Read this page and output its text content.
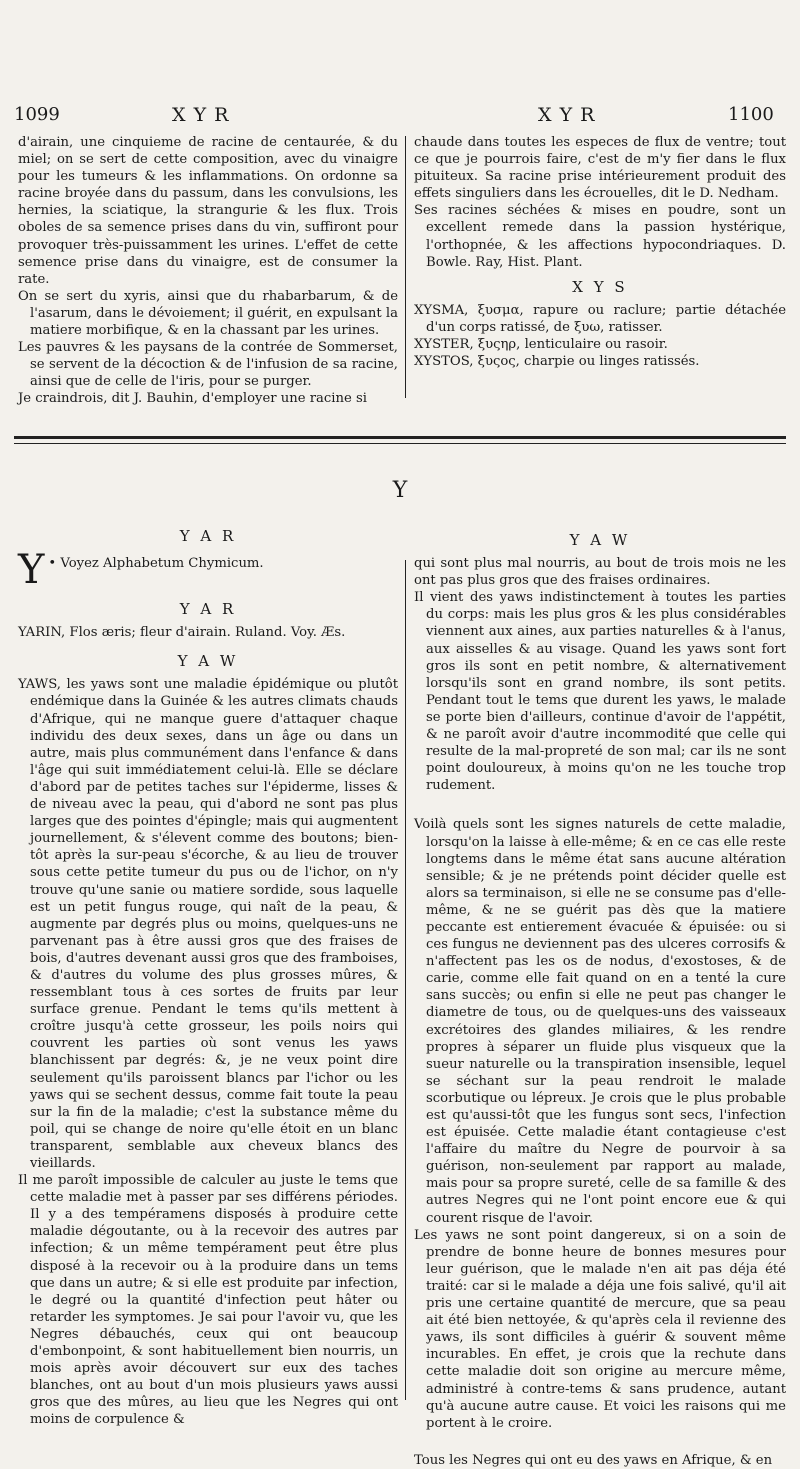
1099	X Y R	X Y R	1100

d'airain, une cinquieme de racine de centaurée, & du miel; on se sert de cette composition, avec du vinaigre pour les tumeurs & les inflammations. On ordonne sa racine broyée dans du passum, dans les convulsions, les hernies, la sciatique, la strangurie & les flux. Trois oboles de sa semence prises dans du vin, suffiront pour provoquer très-puissamment les urines. L'effet de cette semence prise dans du vinaigre, est de consumer la rate.

On se sert du xyris, ainsi que du rhabarbarum, & de l'asarum, dans le dévoiement; il guérit, en expulsant la matiere morbifique, & en la chassant par les urines.

Les pauvres & les paysans de la contrée de Sommerset, se servent de la décoction & de l'infusion de sa racine, ainsi que de celle de l'iris, pour se purger.

Je craindrois, dit J. Bauhin, d'employer une racine si

chaude dans toutes les especes de flux de ventre; tout ce que je pourrois faire, c'est de m'y fier dans le flux pituiteux. Sa racine prise intérieurement produit des effets singuliers dans les écrouelles, dit le D. Nedham.

Ses racines séchées & mises en poudre, sont un excellent remede dans la passion hystérique, l'orthopnée, & les affections hypocondriaques. D. Bowle. Ray, Hist. Plant.

X Y S

XYSMA, ξυσμα, rapure ou raclure; partie détachée d'un corps ratissé, de ξυω, ratisser.

XYSTER, ξυςηρ, lenticulaire ou rasoir.

XYSTOS, ξυςος, charpie ou linges ratissés.

Y
Y A R

Y • Voyez Alphabetum Chymicum.

Y A R

YARIN, Flos æris; fleur d'airain. Ruland. Voy. Æs.

Y A W

YAWS, les yaws sont une maladie épidémique ou plutôt endémique dans la Guinée & les autres climats chauds d'Afrique, qui ne manque guere d'attaquer chaque individu des deux sexes, dans un âge ou dans un autre, mais plus communément dans l'enfance & dans l'âge qui suit immédiatement celui-là. Elle se déclare d'abord par de petites taches sur l'épiderme, lisses & de niveau avec la peau, qui d'abord ne sont pas plus larges que des pointes d'épingle; mais qui augmentent journellement, & s'élevent comme des boutons; bien-tôt après la sur-peau s'écorche, & au lieu de trouver sous cette petite tumeur du pus ou de l'ichor, on n'y trouve qu'une sanie ou matiere sordide, sous laquelle est un petit fungus rouge, qui naît de la peau, & augmente par degrés plus ou moins, quelques-uns ne parvenant pas à être aussi gros que des fraises de bois, d'autres devenant aussi gros que des framboises, & d'autres du volume des plus grosses mûres, & ressemblant tous à ces sortes de fruits par leur surface grenue. Pendant le tems qu'ils mettent à croître jusqu'à cette grosseur, les poils noirs qui couvrent les parties où sont venus les yaws blanchissent par degrés: &, je ne veux point dire seulement qu'ils paroissent blancs par l'ichor ou les yaws qui se sechent dessus, comme fait toute la peau sur la fin de la maladie; c'est la substance même du poil, qui se change de noire qu'elle étoit en un blanc transparent, semblable aux cheveux blancs des vieillards.

Il me paroît impossible de calculer au juste le tems que cette maladie met à passer par ses différens périodes. Il y a des tempéramens disposés à produire cette maladie dégoutante, ou à la recevoir des autres par infection; & un même tempérament peut être plus disposé à la recevoir ou à la produire dans un tems que dans un autre; & si elle est produite par infection, le degré ou la quantité d'infection peut hâter ou retarder les symptomes. Je sai pour l'avoir vu, que les Negres débauchés, ceux qui ont beaucoup d'embonpoint, & sont habituellement bien nourris, un mois après avoir découvert sur eux des taches blanches, ont au bout d'un mois plusieurs yaws aussi gros que des mûres, au lieu que les Negres qui ont moins de corpulence &

Y A W

qui sont plus mal nourris, au bout de trois mois ne les ont pas plus gros que des fraises ordinaires.

Il vient des yaws indistinctement à toutes les parties du corps: mais les plus gros & les plus considérables viennent aux aines, aux parties naturelles & à l'anus, aux aisselles & au visage. Quand les yaws sont fort gros ils sont en petit nombre, & alternativement lorsqu'ils sont en grand nombre, ils sont petits. Pendant tout le tems que durent les yaws, le malade se porte bien d'ailleurs, continue d'avoir de l'appétit, & ne paroît avoir d'autre incommodité que celle qui resulte de la mal-propreté de son mal; car ils ne sont point douloureux, à moins qu'on ne les touche trop rudement.

Voilà quels sont les signes naturels de cette maladie, lorsqu'on la laisse à elle-même; & en ce cas elle reste longtems dans le même état sans aucune altération sensible; & je ne prétends point décider quelle est alors sa terminaison, si elle ne se consume pas d'elle-même, & ne se guérit pas dès que la matiere peccante est entierement évacuée & épuisée: ou si ces fungus ne deviennent pas des ulceres corrosifs & n'affectent pas les os de nodus, d'exostoses, & de carie, comme elle fait quand on en a tenté la cure sans succès; ou enfin si elle ne peut pas changer le diametre de tous, ou de quelques-uns des vaisseaux excrétoires des glandes miliaires, & les rendre propres à séparer un fluide plus visqueux que la sueur naturelle ou la transpiration insensible, lequel se séchant sur la peau rendroit le malade scorbutique ou lépreux. Je crois que le plus probable est qu'aussi-tôt que les fungus sont secs, l'infection est épuisée. Cette maladie étant contagieuse c'est l'affaire du maître du Negre de pourvoir à sa guérison, non-seulement par rapport au malade, mais pour sa propre sureté, celle de sa famille & des autres Negres qui ne l'ont point encore eue & qui courent risque de l'avoir.

Les yaws ne sont point dangereux, si on a soin de prendre de bonne heure de bonnes mesures pour leur guérison, que le malade n'en ait pas déja été traité: car si le malade a déja une fois salivé, qu'il ait pris une certaine quantité de mercure, que sa peau ait été bien nettoyée, & qu'après cela il revienne des yaws, ils sont difficiles à guérir & souvent même incurables. En effet, je crois que la rechute dans cette maladie doit son origine au mercure même, administré à contre-tems & sans prudence, autant qu'à aucune autre cause. Et voici les raisons qui me portent à le croire.

Tous les Negres qui ont eu des yaws en Afrique, & en
